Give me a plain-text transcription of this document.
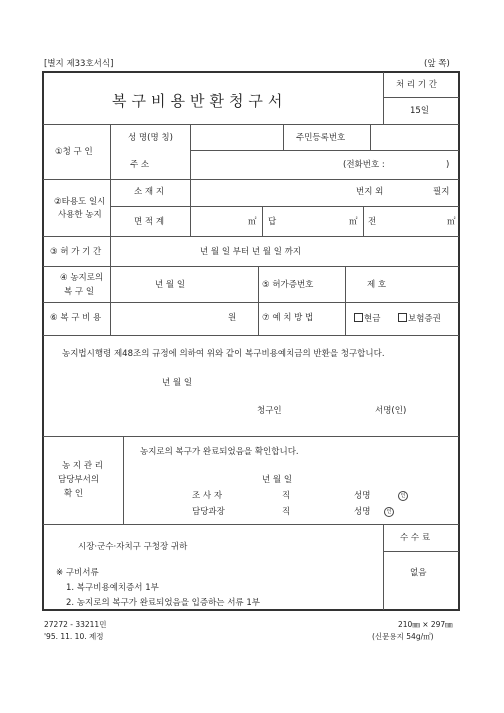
[별지 제33호서식]	(앞 쪽)
복구비용반환청구서
처 리 기 간
15일
①청 구 인
성 명(명 칭)	주민등록번호
주 소	(전화번호 :	)
②타용도 일시
사용한 농지
소 재 지	번지 외	필지
면 적 계	㎡ 답	㎡ 전	㎡
③ 허 가 기 간	년 월 일 부터 년 월 일 까지
④ 농지로의
복 구 일
년 월 일	⑤ 허가증번호	제 호
⑥ 복 구 비 용	원	⑦ 예 치 방 법	현금	보험증권
농지법시행령 제48조의 규정에 의하여 위와 같이 복구비용예치금의 반환을 청구합니다.
년 월 일
청구인	서명(인)
농 지 관 리
담당부서의
확 인
농지로의 복구가 완료되었음을 확인합니다.
년 월 일
조 사 자	직	성명	인
담당과장	직	성명	인
시장·군수·자치구 구청장 귀하
※ 구비서류
1. 복구비용예치증서 1부
2. 농지로의 복구가 완료되었음을 입증하는 서류 1부
수 수 료
없음
27272 - 33211민
'95. 11. 10. 제정
210㎜ × 297㎜
(신문용지 54g/㎡)
